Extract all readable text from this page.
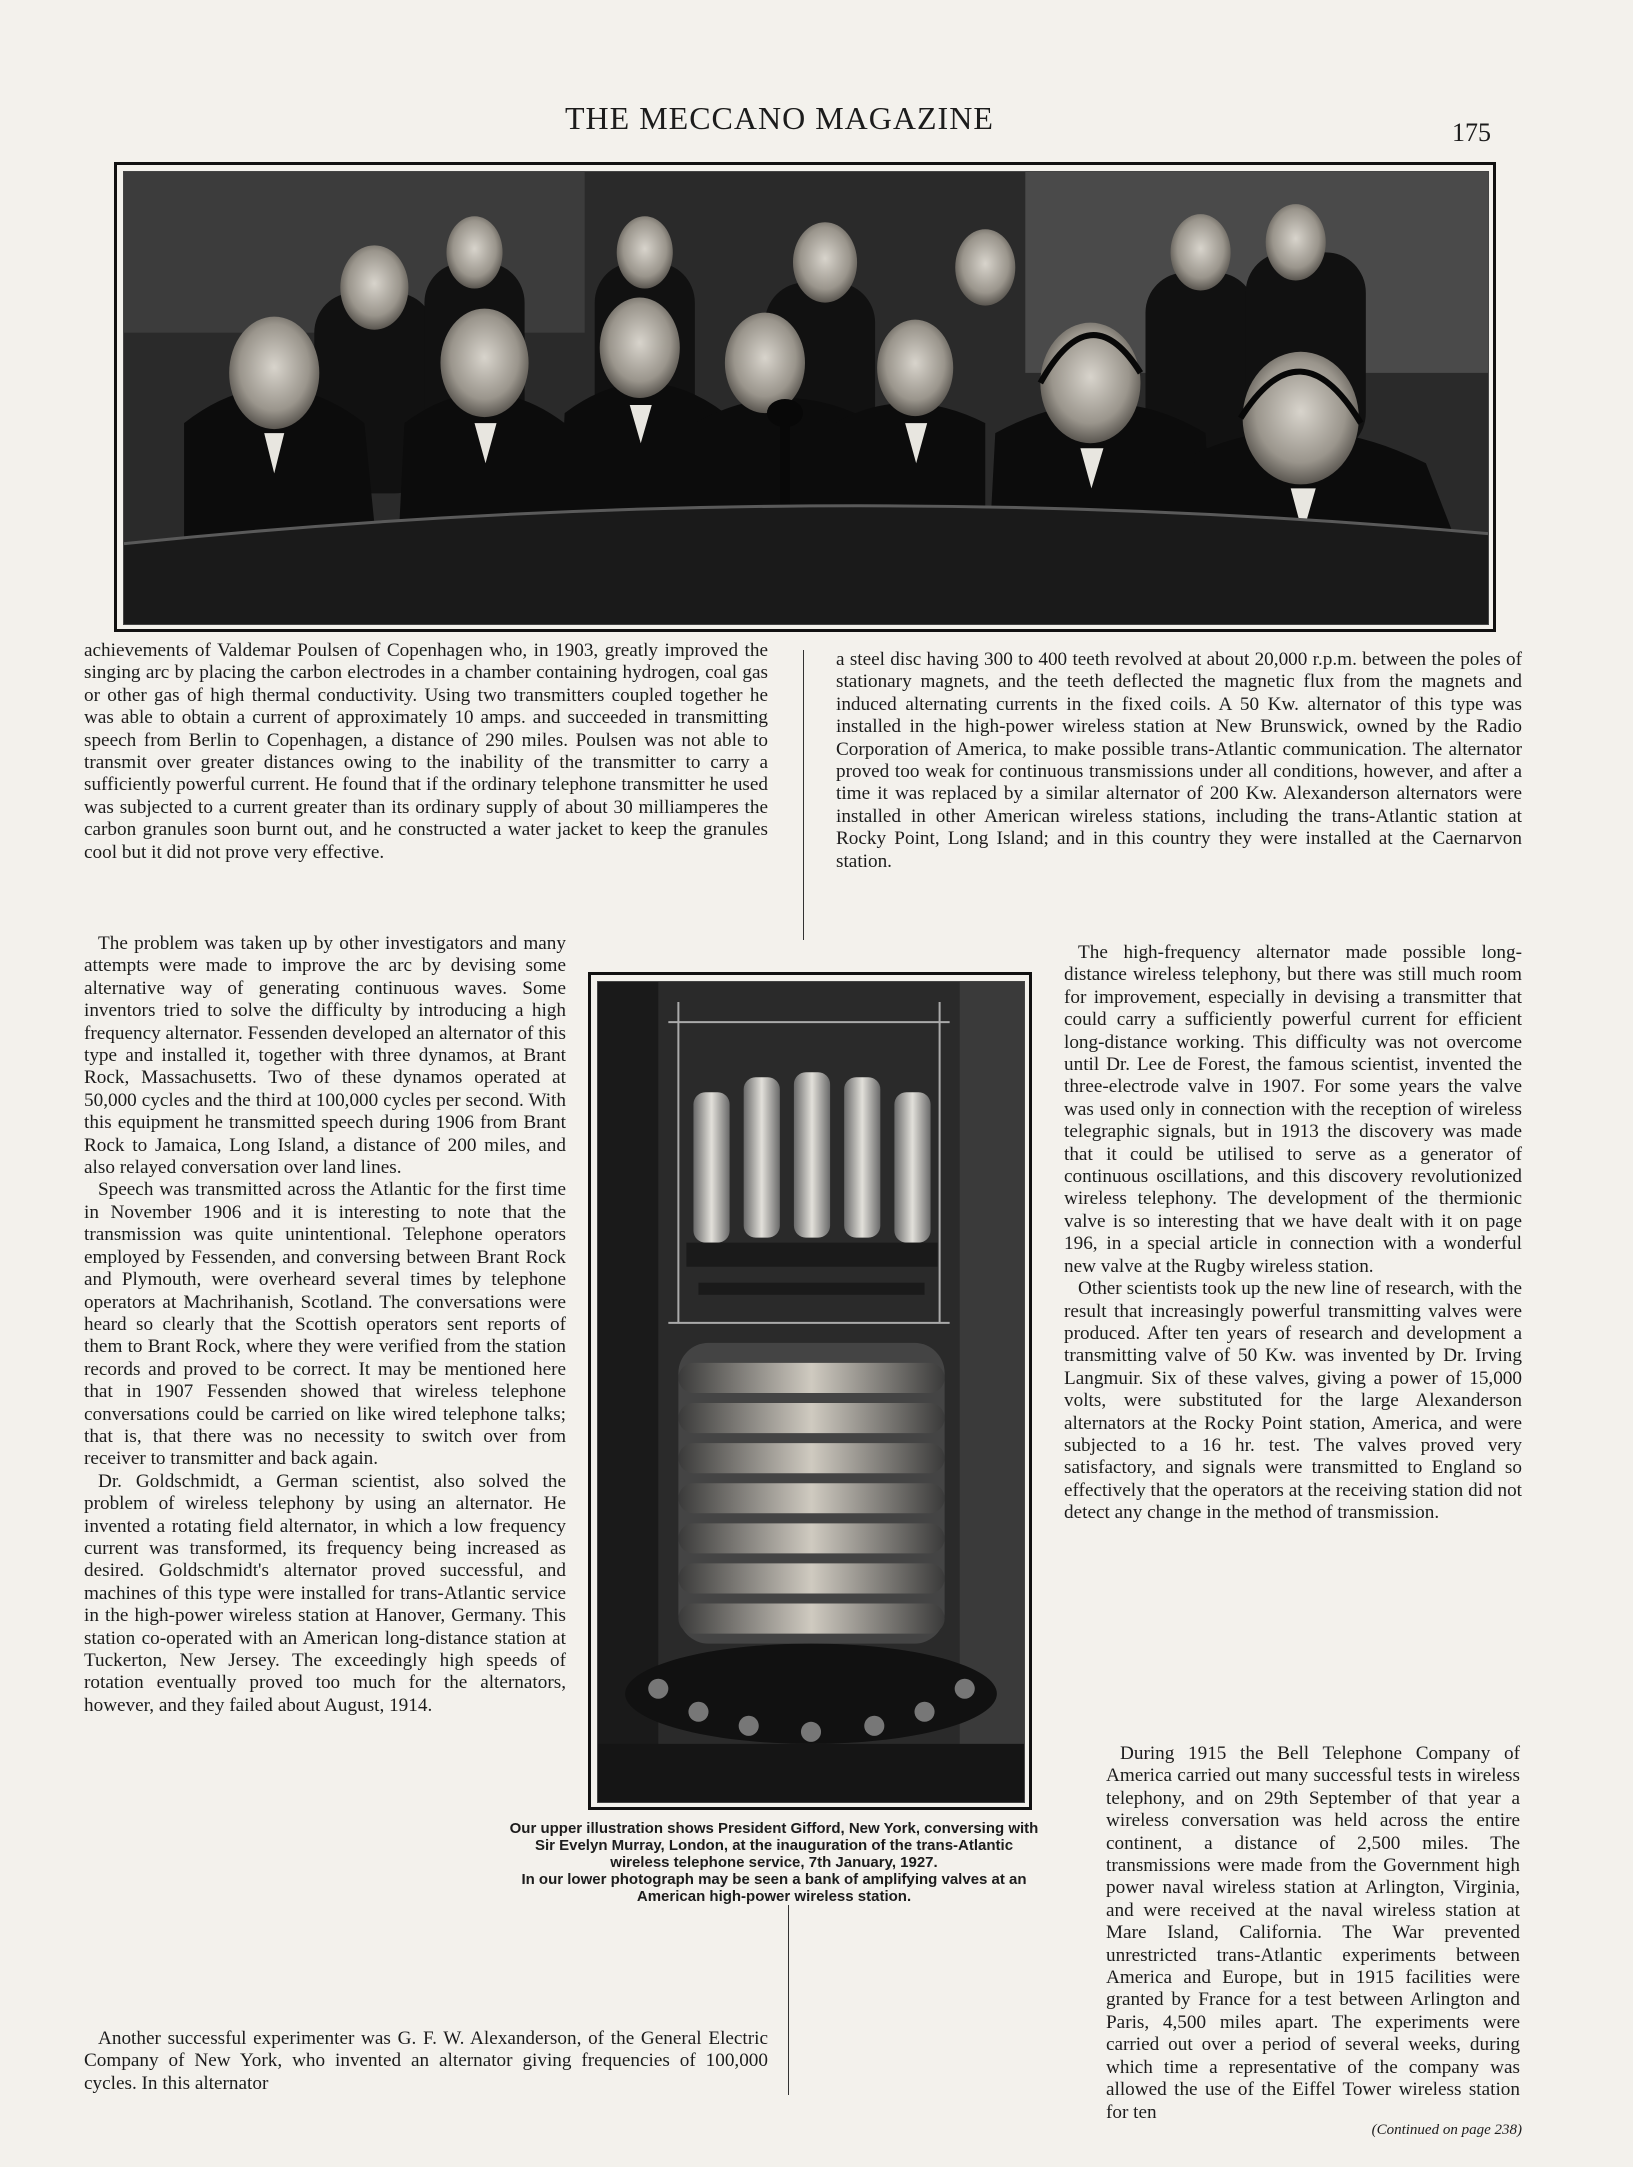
THE MECCANO MAGAZINE	175

achievements of Valdemar Poulsen of Copenhagen who, in 1903, greatly improved the singing arc by placing the carbon electrodes in a chamber containing hydrogen, coal gas or other gas of high thermal conductivity. Using two transmitters coupled together he was able to obtain a current of approximately 10 amps. and succeeded in transmitting speech from Berlin to Copenhagen, a distance of 290 miles. Poulsen was not able to transmit over greater distances owing to the inability of the transmitter to carry a sufficiently powerful current. He found that if the ordinary telephone transmitter he used was subjected to a current greater than its ordinary supply of about 30 milliamperes the carbon granules soon burnt out, and he constructed a water jacket to keep the granules cool but it did not prove very effective.

The problem was taken up by other investigators and many attempts were made to improve the arc by devising some alternative way of generating continuous waves. Some inventors tried to solve the difficulty by introducing a high frequency alternator. Fessenden developed an alternator of this type and installed it, together with three dynamos, at Brant Rock, Massachusetts. Two of these dynamos operated at 50,000 cycles and the third at 100,000 cycles per second. With this equipment he transmitted speech during 1906 from Brant Rock to Jamaica, Long Island, a distance of 200 miles, and also relayed conversation over land lines.

Speech was transmitted across the Atlantic for the first time in November 1906 and it is interesting to note that the transmission was quite unintentional. Telephone operators employed by Fessenden, and conversing between Brant Rock and Plymouth, were overheard several times by telephone operators at Machrihanish, Scotland. The conversations were heard so clearly that the Scottish operators sent reports of them to Brant Rock, where they were verified from the station records and proved to be correct. It may be mentioned here that in 1907 Fessenden showed that wireless telephone conversations could be carried on like wired telephone talks; that is, that there was no necessity to switch over from receiver to transmitter and back again.

Dr. Goldschmidt, a German scientist, also solved the problem of wireless telephony by using an alternator. He invented a rotating field alternator, in which a low frequency current was transformed, its frequency being increased as desired. Goldschmidt's alternator proved successful, and machines of this type were installed for trans-Atlantic service in the high-power wireless station at Hanover, Germany. This station co-operated with an American long-distance station at Tuckerton, New Jersey. The exceedingly high speeds of rotation eventually proved too much for the alternators, however, and they failed about August, 1914.

Another successful experimenter was G. F. W. Alexanderson, of the General Electric Company of New York, who invented an alternator giving frequencies of 100,000 cycles. In this alternator

a steel disc having 300 to 400 teeth revolved at about 20,000 r.p.m. between the poles of stationary magnets, and the teeth deflected the magnetic flux from the magnets and induced alternating currents in the fixed coils. A 50 Kw. alternator of this type was installed in the high-power wireless station at New Brunswick, owned by the Radio Corporation of America, to make possible trans-Atlantic communication. The alternator proved too weak for continuous transmissions under all conditions, however, and after a time it was replaced by a similar alternator of 200 Kw. Alexanderson alternators were installed in other American wireless stations, including the trans-Atlantic station at Rocky Point, Long Island; and in this country they were installed at the Caernarvon station.

The high-frequency alternator made possible long-distance wireless telephony, but there was still much room for improvement, especially in devising a transmitter that could carry a sufficiently powerful current for efficient long-distance working. This difficulty was not overcome until Dr. Lee de Forest, the famous scientist, invented the three-electrode valve in 1907. For some years the valve was used only in connection with the reception of wireless telegraphic signals, but in 1913 the discovery was made that it could be utilised to serve as a generator of continuous oscillations, and this discovery revolutionized wireless telephony. The development of the thermionic valve is so interesting that we have dealt with it on page 196, in a special article in connection with a wonderful new valve at the Rugby wireless station.

Other scientists took up the new line of research, with the result that increasingly powerful transmitting valves were produced. After ten years of research and development a transmitting valve of 50 Kw. was invented by Dr. Irving Langmuir. Six of these valves, giving a power of 15,000 volts, were substituted for the large Alexanderson alternators at the Rocky Point station, America, and were subjected to a 16 hr. test. The valves proved very satisfactory, and signals were transmitted to England so effectively that the operators at the receiving station did not detect any change in the method of transmission.

During 1915 the Bell Telephone Company of America carried out many successful tests in wireless telephony, and on 29th September of that year a wireless conversation was held across the entire continent, a distance of 2,500 miles. The transmissions were made from the Government high power naval wireless station at Arlington, Virginia, and were received at the naval wireless station at Mare Island, California. The War prevented unrestricted trans-Atlantic experiments between America and Europe, but in 1915 facilities were granted by France for a test between Arlington and Paris, 4,500 miles apart. The experiments were carried out over a period of several weeks, during which time a representative of the company was allowed the use of the Eiffel Tower wireless station for ten

Our upper illustration shows President Gifford, New York, conversing with Sir Evelyn Murray, London, at the inauguration of the trans-Atlantic wireless telephone service, 7th January, 1927.
In our lower photograph may be seen a bank of amplifying valves at an American high-power wireless station.
(Continued on page 238)
